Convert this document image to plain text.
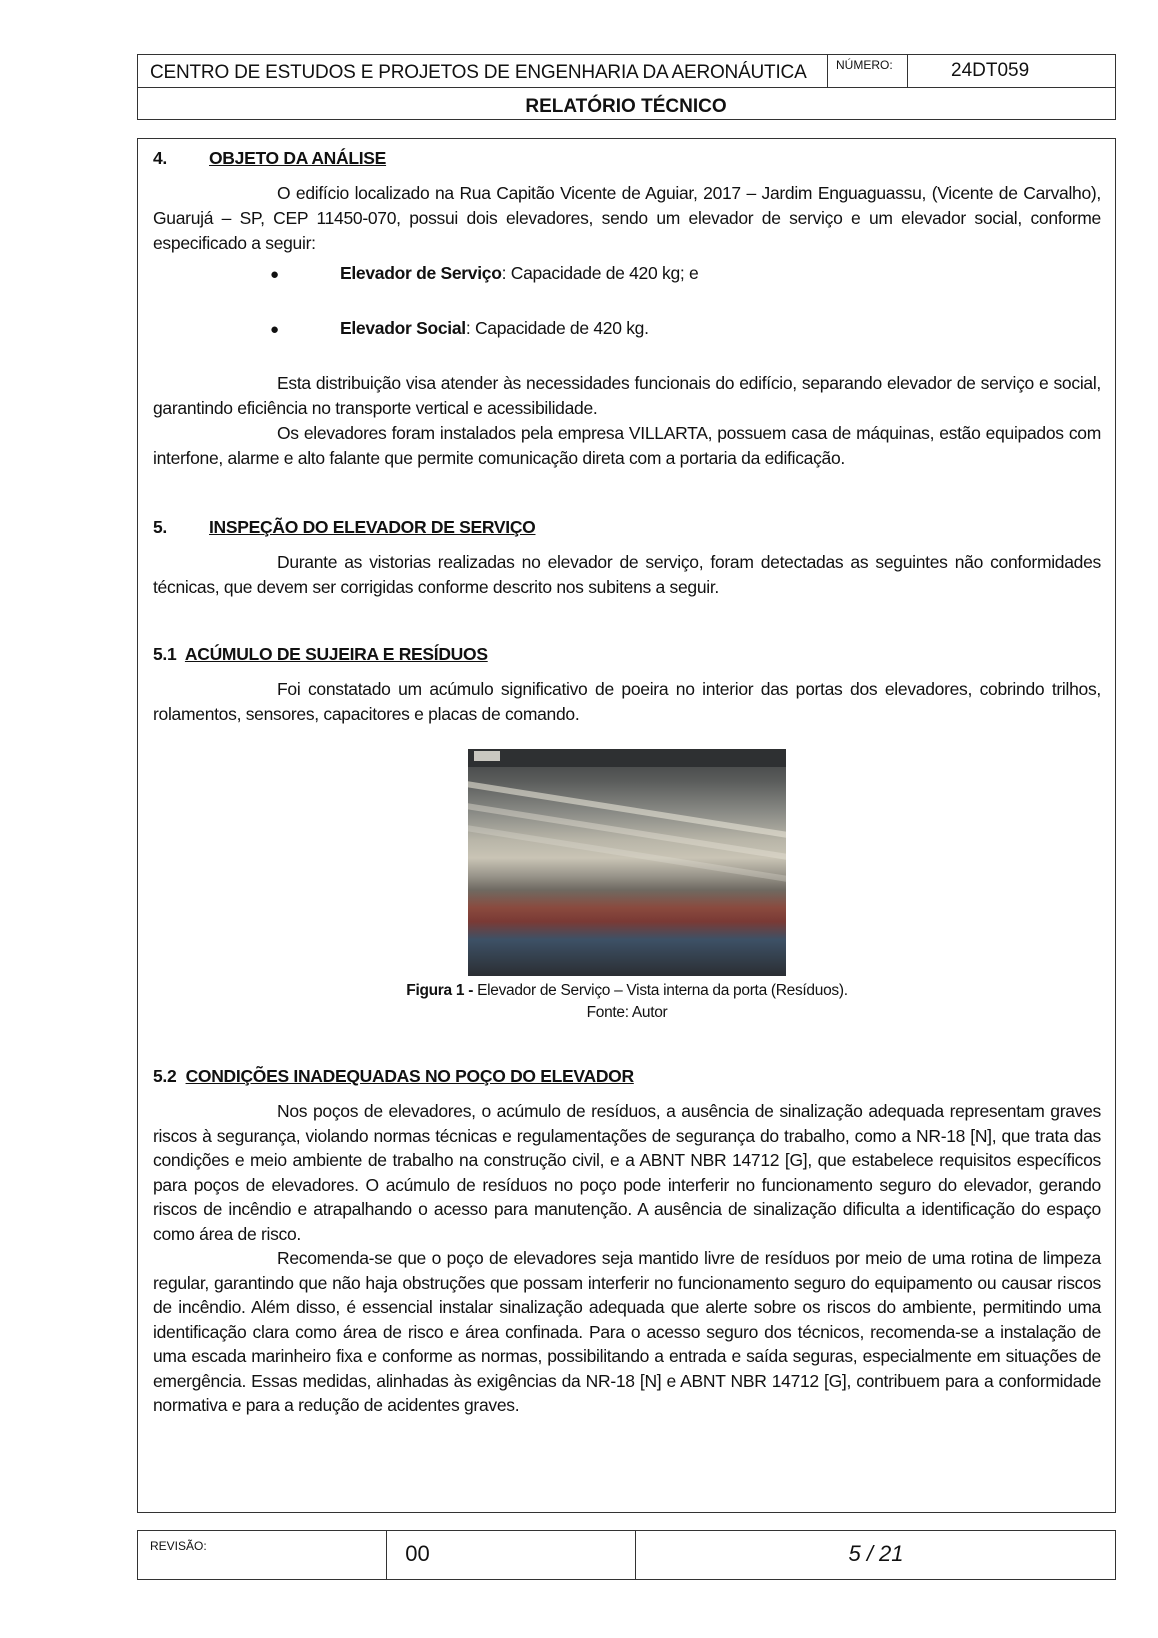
CENTRO DE ESTUDOS E PROJETOS DE ENGENHARIA DA AERONÁUTICA NÚMERO:	24DT059
RELATÓRIO TÉCNICO
4.	OBJETO DA ANÁLISE

O edifício localizado na Rua Capitão Vicente de Aguiar, 2017 – Jardim Enguaguassu, (Vicente de Carvalho), Guarujá – SP, CEP 11450-070, possui dois elevadores, sendo um elevador de serviço e um elevador social, conforme especificado a seguir:

●	Elevador de Serviço: Capacidade de 420 kg; e
●	Elevador Social: Capacidade de 420 kg.

Esta distribuição visa atender às necessidades funcionais do edifício, separando elevador de serviço e social, garantindo eficiência no transporte vertical e acessibilidade.

Os elevadores foram instalados pela empresa VILLARTA, possuem casa de máquinas, estão equipados com interfone, alarme e alto falante que permite comunicação direta com a portaria da edificação.

5.	INSPEÇÃO DO ELEVADOR DE SERVIÇO

Durante as vistorias realizadas no elevador de serviço, foram detectadas as seguintes não conformidades técnicas, que devem ser corrigidas conforme descrito nos subitens a seguir.

5.1 ACÚMULO DE SUJEIRA E RESÍDUOS

Foi constatado um acúmulo significativo de poeira no interior das portas dos elevadores, cobrindo trilhos, rolamentos, sensores, capacitores e placas de comando.

Figura 1 - Elevador de Serviço – Vista interna da porta (Resíduos).
Fonte: Autor
5.2 CONDIÇÕES INADEQUADAS NO POÇO DO ELEVADOR

Nos poços de elevadores, o acúmulo de resíduos, a ausência de sinalização adequada representam graves riscos à segurança, violando normas técnicas e regulamentações de segurança do trabalho, como a NR-18 [N], que trata das condições e meio ambiente de trabalho na construção civil, e a ABNT NBR 14712 [G], que estabelece requisitos específicos para poços de elevadores. O acúmulo de resíduos no poço pode interferir no funcionamento seguro do elevador, gerando riscos de incêndio e atrapalhando o acesso para manutenção. A ausência de sinalização dificulta a identificação do espaço como área de risco.

Recomenda-se que o poço de elevadores seja mantido livre de resíduos por meio de uma rotina de limpeza regular, garantindo que não haja obstruções que possam interferir no funcionamento seguro do equipamento ou causar riscos de incêndio. Além disso, é essencial instalar sinalização adequada que alerte sobre os riscos do ambiente, permitindo uma identificação clara como área de risco e área confinada. Para o acesso seguro dos técnicos, recomenda-se a instalação de uma escada marinheiro fixa e conforme as normas, possibilitando a entrada e saída seguras, especialmente em situações de emergência. Essas medidas, alinhadas às exigências da NR-18 [N] e ABNT NBR 14712 [G], contribuem para a conformidade normativa e para a redução de acidentes graves.

REVISÃO:	00	5 / 21
